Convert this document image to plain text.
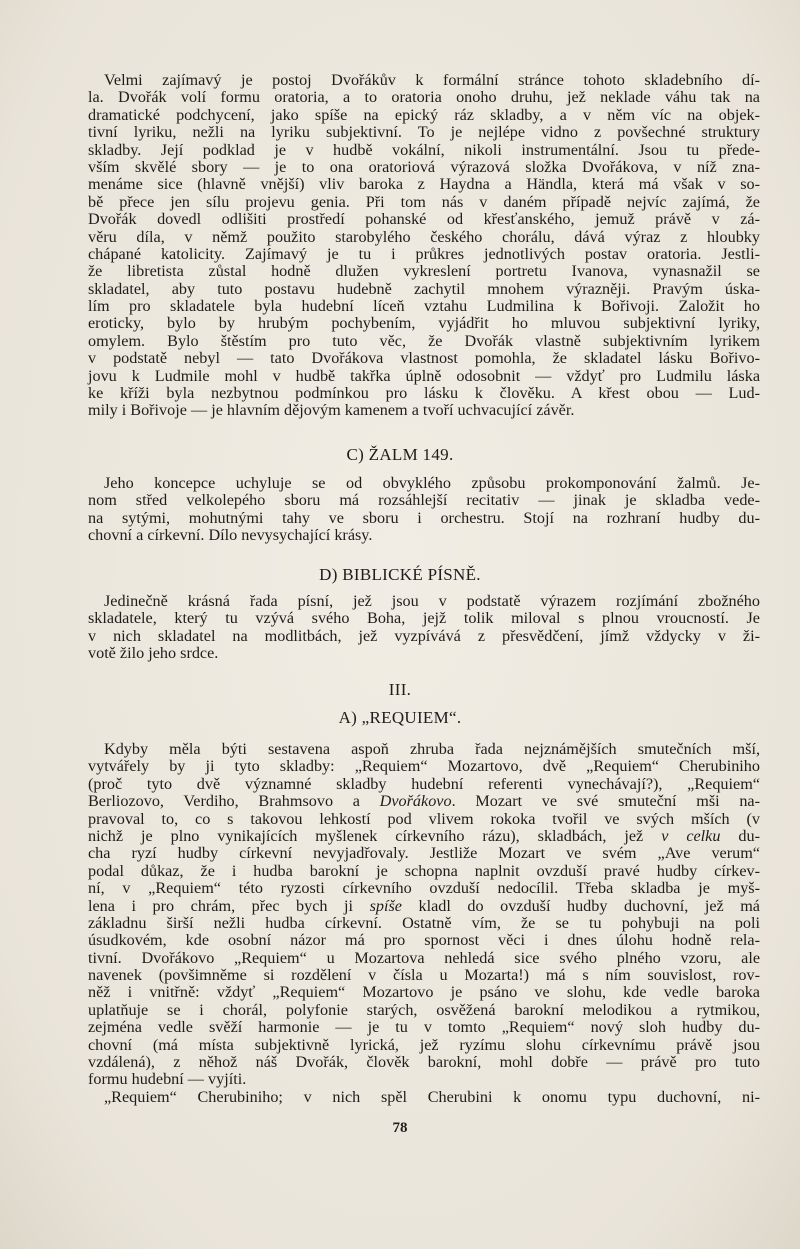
Velmi zajímavý je postoj Dvořákův k formální stránce tohoto skladebního dí-
la. Dvořák volí formu oratoria, a to oratoria onoho druhu, jež neklade váhu tak na
dramatické podchycení, jako spíše na epický ráz skladby, a v něm víc na objek-
tivní lyriku, nežli na lyriku subjektivní. To je nejlépe vidno z povšechné struktury
skladby. Její podklad je v hudbě vokální, nikoli instrumentální. Jsou tu přede-
vším skvělé sbory — je to ona oratoriová výrazová složka Dvořákova, v níž zna-
menáme sice (hlavně vnější) vliv baroka z Haydna a Händla, která má však v so-
bě přece jen sílu projevu genia. Při tom nás v daném případě nejvíc zajímá, že
Dvořák dovedl odlišiti prostředí pohanské od křesťanského, jemuž právě v zá-
věru díla, v němž použito starobylého českého chorálu, dává výraz z hloubky
chápané katolicity. Zajímavý je tu i průkres jednotlivých postav oratoria. Jestli-
že libretista zůstal hodně dlužen vykreslení portretu Ivanova, vynasnažil se
skladatel, aby tuto postavu hudebně zachytil mnohem výrazněji. Pravým úska-
lím pro skladatele byla hudební líceň vztahu Ludmilina k Bořivoji. Založit ho
eroticky, bylo by hrubým pochybením, vyjádřit ho mluvou subjektivní lyriky,
omylem. Bylo štěstím pro tuto věc, že Dvořák vlastně subjektivním lyrikem
v podstatě nebyl — tato Dvořákova vlastnost pomohla, že skladatel lásku Bořivo-
jovu k Ludmile mohl v hudbě takřka úplně odosobnit — vždyť pro Ludmilu láska
ke kříži byla nezbytnou podmínkou pro lásku k člověku. A křest obou — Lud-
mily i Bořivoje — je hlavním dějovým kamenem a tvoří uchvacující závěr.
C) ŽALM 149.
Jeho koncepce uchyluje se od obvyklého způsobu prokomponování žalmů. Je-
nom střed velkolepého sboru má rozsáhlejší recitativ — jinak je skladba vede-
na sytými, mohutnými tahy ve sboru i orchestru. Stojí na rozhraní hudby du-
chovní a církevní. Dílo nevysychající krásy.
D) BIBLICKÉ PÍSNĚ.
Jedinečně krásná řada písní, jež jsou v podstatě výrazem rozjímání zbožného
skladatele, který tu vzývá svého Boha, jejž tolik miloval s plnou vroucností. Je
v nich skladatel na modlitbách, jež vyzpívává z přesvědčení, jímž vždycky v ži-
votě žilo jeho srdce.
III.
A) „REQUIEM“.
Kdyby měla býti sestavena aspoň zhruba řada nejznámějších smutečních mší,
vytvářely by ji tyto skladby: „Requiem“ Mozartovo, dvě „Requiem“ Cherubiniho
(proč tyto dvě významné skladby hudební referenti vynechávají?), „Requiem“
Berliozovo, Verdiho, Brahmsovo a Dvořákovo. Mozart ve své smuteční mši na-
pravoval to, co s takovou lehkostí pod vlivem rokoka tvořil ve svých mších (v
nichž je plno vynikajících myšlenek církevního rázu), skladbách, jež v celku du-
cha ryzí hudby církevní nevyjadřovaly. Jestliže Mozart ve svém „Ave verum“
podal důkaz, že i hudba barokní je schopna naplnit ovzduší pravé hudby církev-
ní, v „Requiem“ této ryzosti církevního ovzduší nedocílil. Třeba skladba je myš-
lena i pro chrám, přec bych ji spíše kladl do ovzduší hudby duchovní, jež má
základnu širší nežli hudba církevní. Ostatně vím, že se tu pohybuji na poli
úsudkovém, kde osobní názor má pro spornost věci i dnes úlohu hodně rela-
tivní. Dvořákovo „Requiem“ u Mozartova nehledá sice svého plného vzoru, ale
navenek (povšimněme si rozdělení v čísla u Mozarta!) má s ním souvislost, rov-
něž i vnitřně: vždyť „Requiem“ Mozartovo je psáno ve slohu, kde vedle baroka
uplatňuje se i chorál, polyfonie starých, osvěžená barokní melodikou a rytmikou,
zejména vedle svěží harmonie — je tu v tomto „Requiem“ nový sloh hudby du-
chovní (má místa subjektivně lyrická, jež ryzímu slohu církevnímu právě jsou
vzdálená), z něhož náš Dvořák, člověk barokní, mohl dobře — právě pro tuto
formu hudební — vyjíti.
„Requiem“ Cherubiniho; v nich spěl Cherubini k onomu typu duchovní, ni-
78
